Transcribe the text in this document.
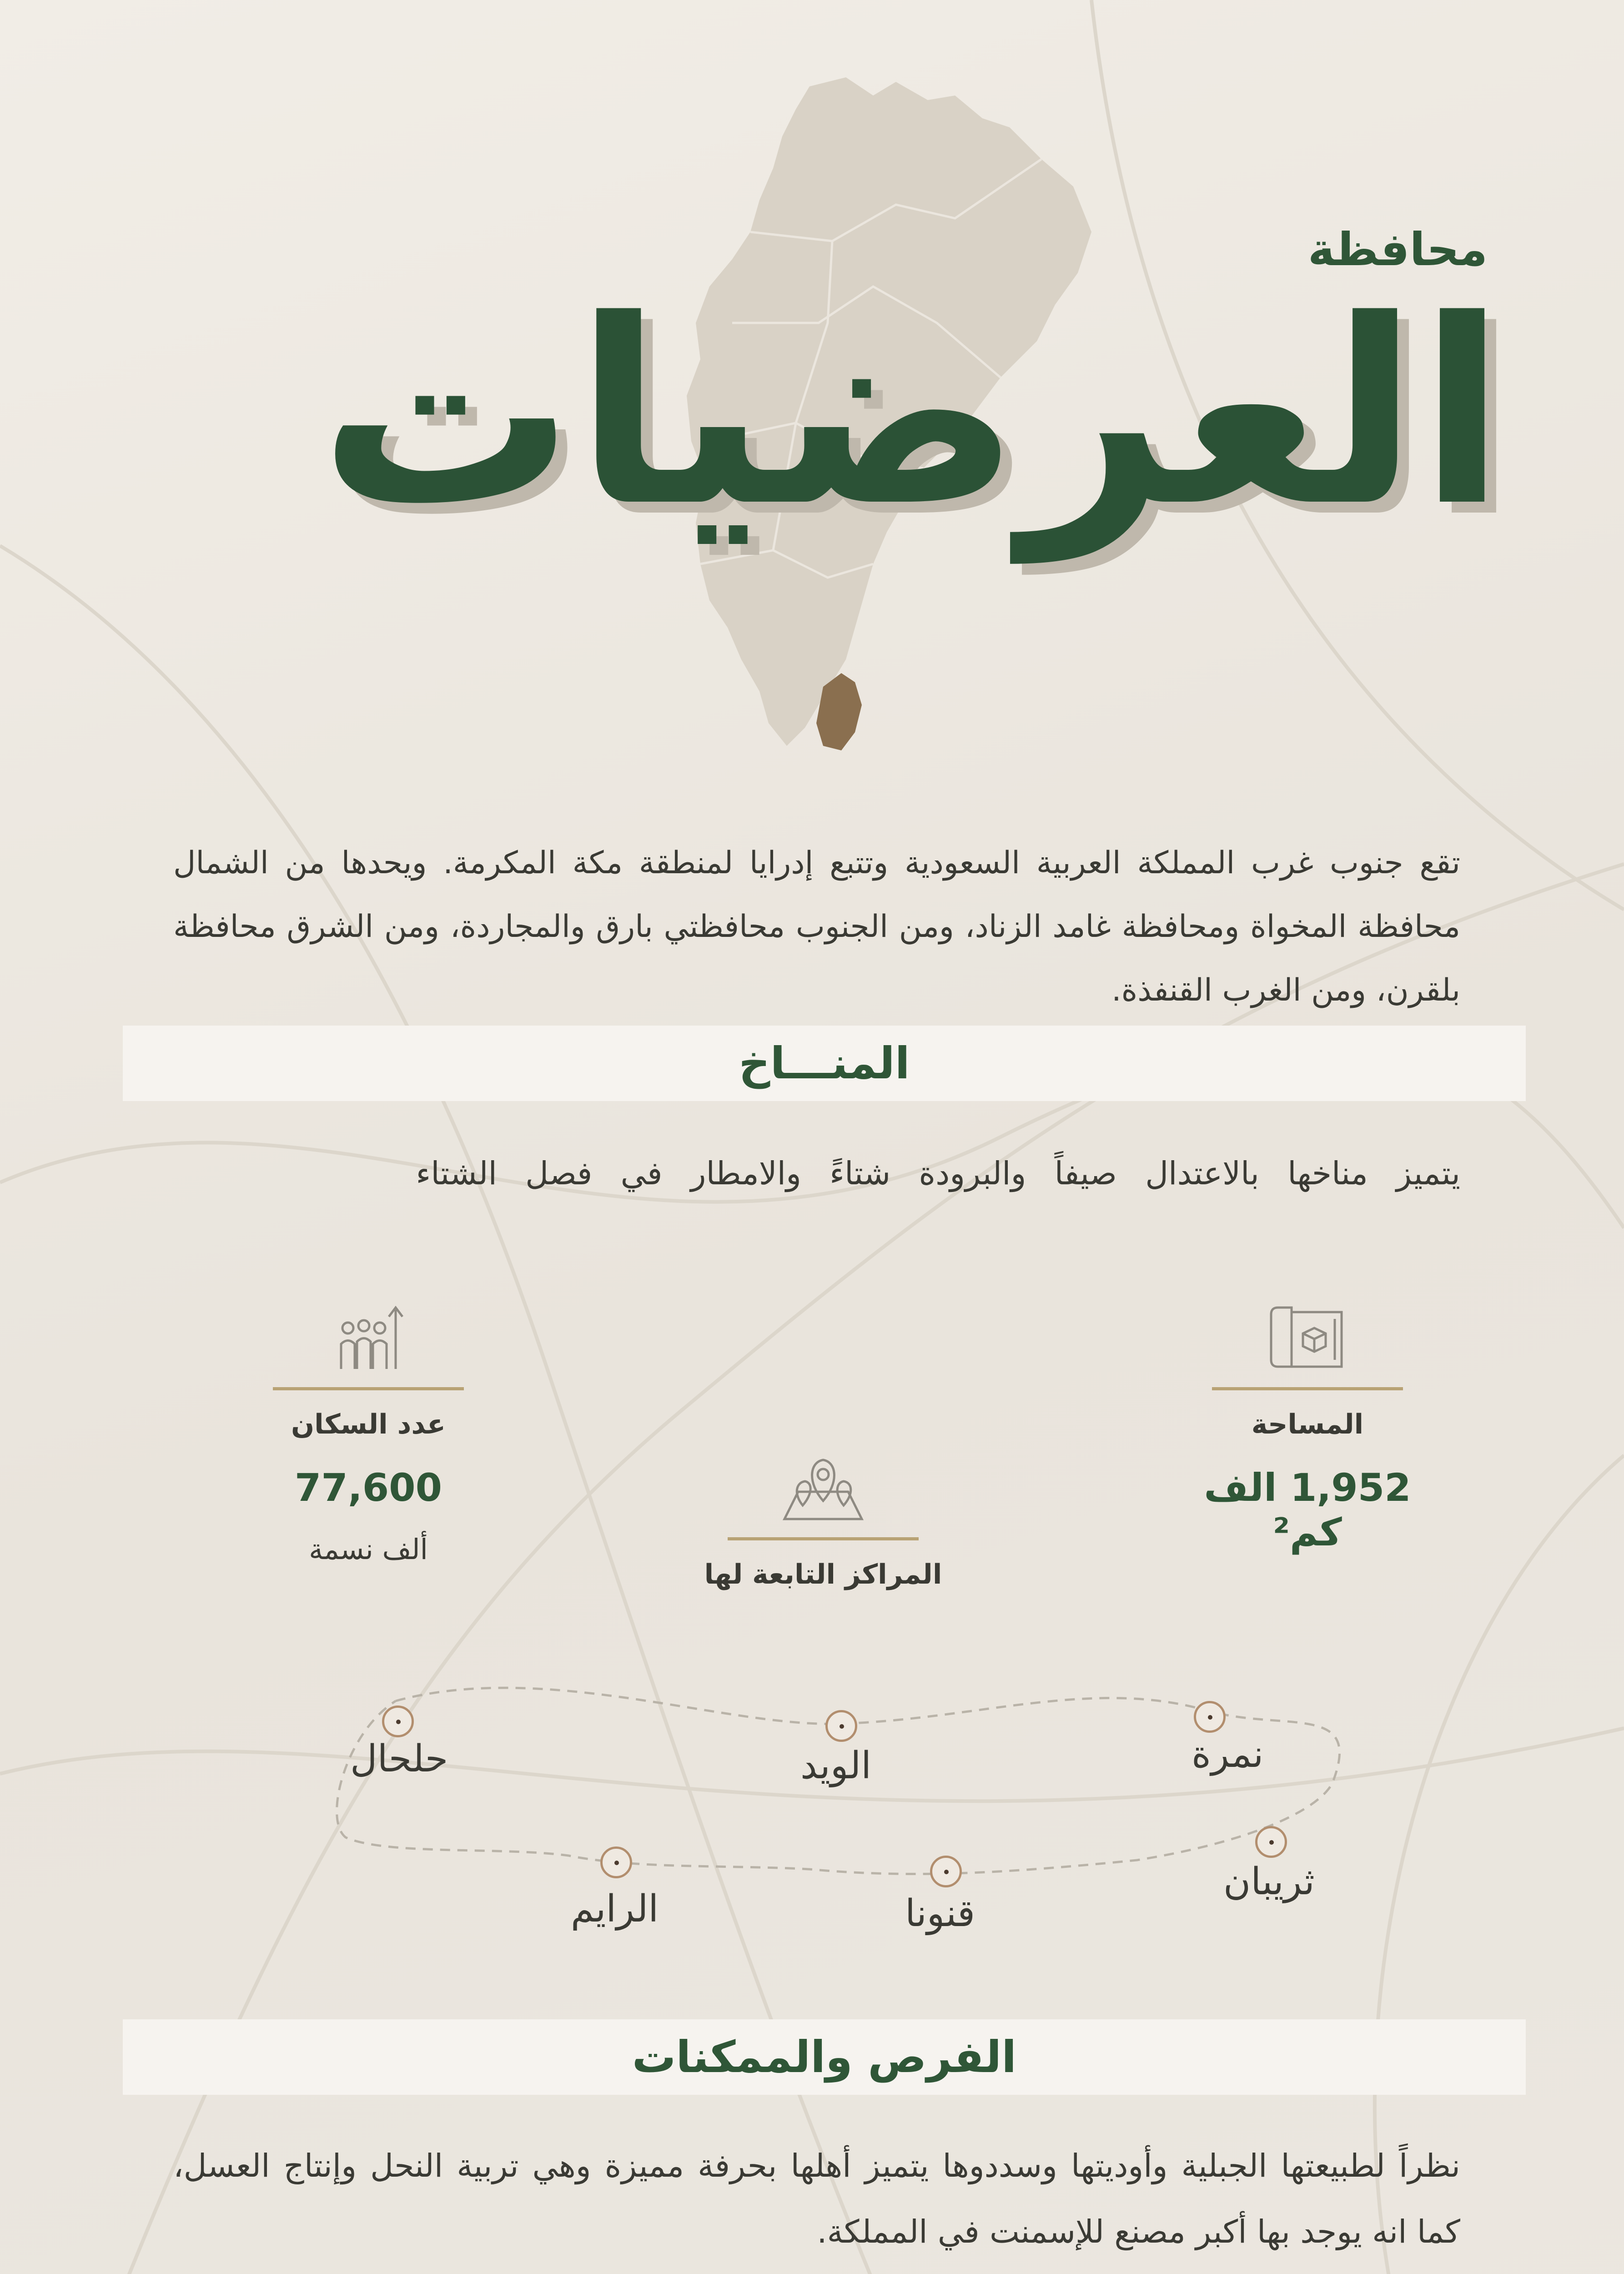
محافظة
العرضيات

تقع جنوب غرب المملكة العربية السعودية وتتبع إدرايا لمنطقة مكة المكرمة. ويحدها من الشمال محافظة المخواة ومحافظة غامد الزناد، ومن الجنوب محافظتي بارق والمجاردة، ومن الشرق محافظة بلقرن، ومن الغرب القنفذة.

المنـــاخ

يتميز مناخها بالاعتدال صيفاً والبرودة شتاءً والامطار في فصل الشتاء

المساحة
1,952 الف كم²
عدد السكان
77,600
ألف نسمة
المراكز التابعة لها
نمرة
الويد
حلحال
ثريبان
قنونا
الرايم
الفرص والممكنات

نظراً لطبيعتها الجبلية وأوديتها وسددوها يتميز أهلها بحرفة مميزة وهي تربية النحل وإنتاج العسل، كما انه يوجد بها أكبر مصنع للإسمنت في المملكة.
